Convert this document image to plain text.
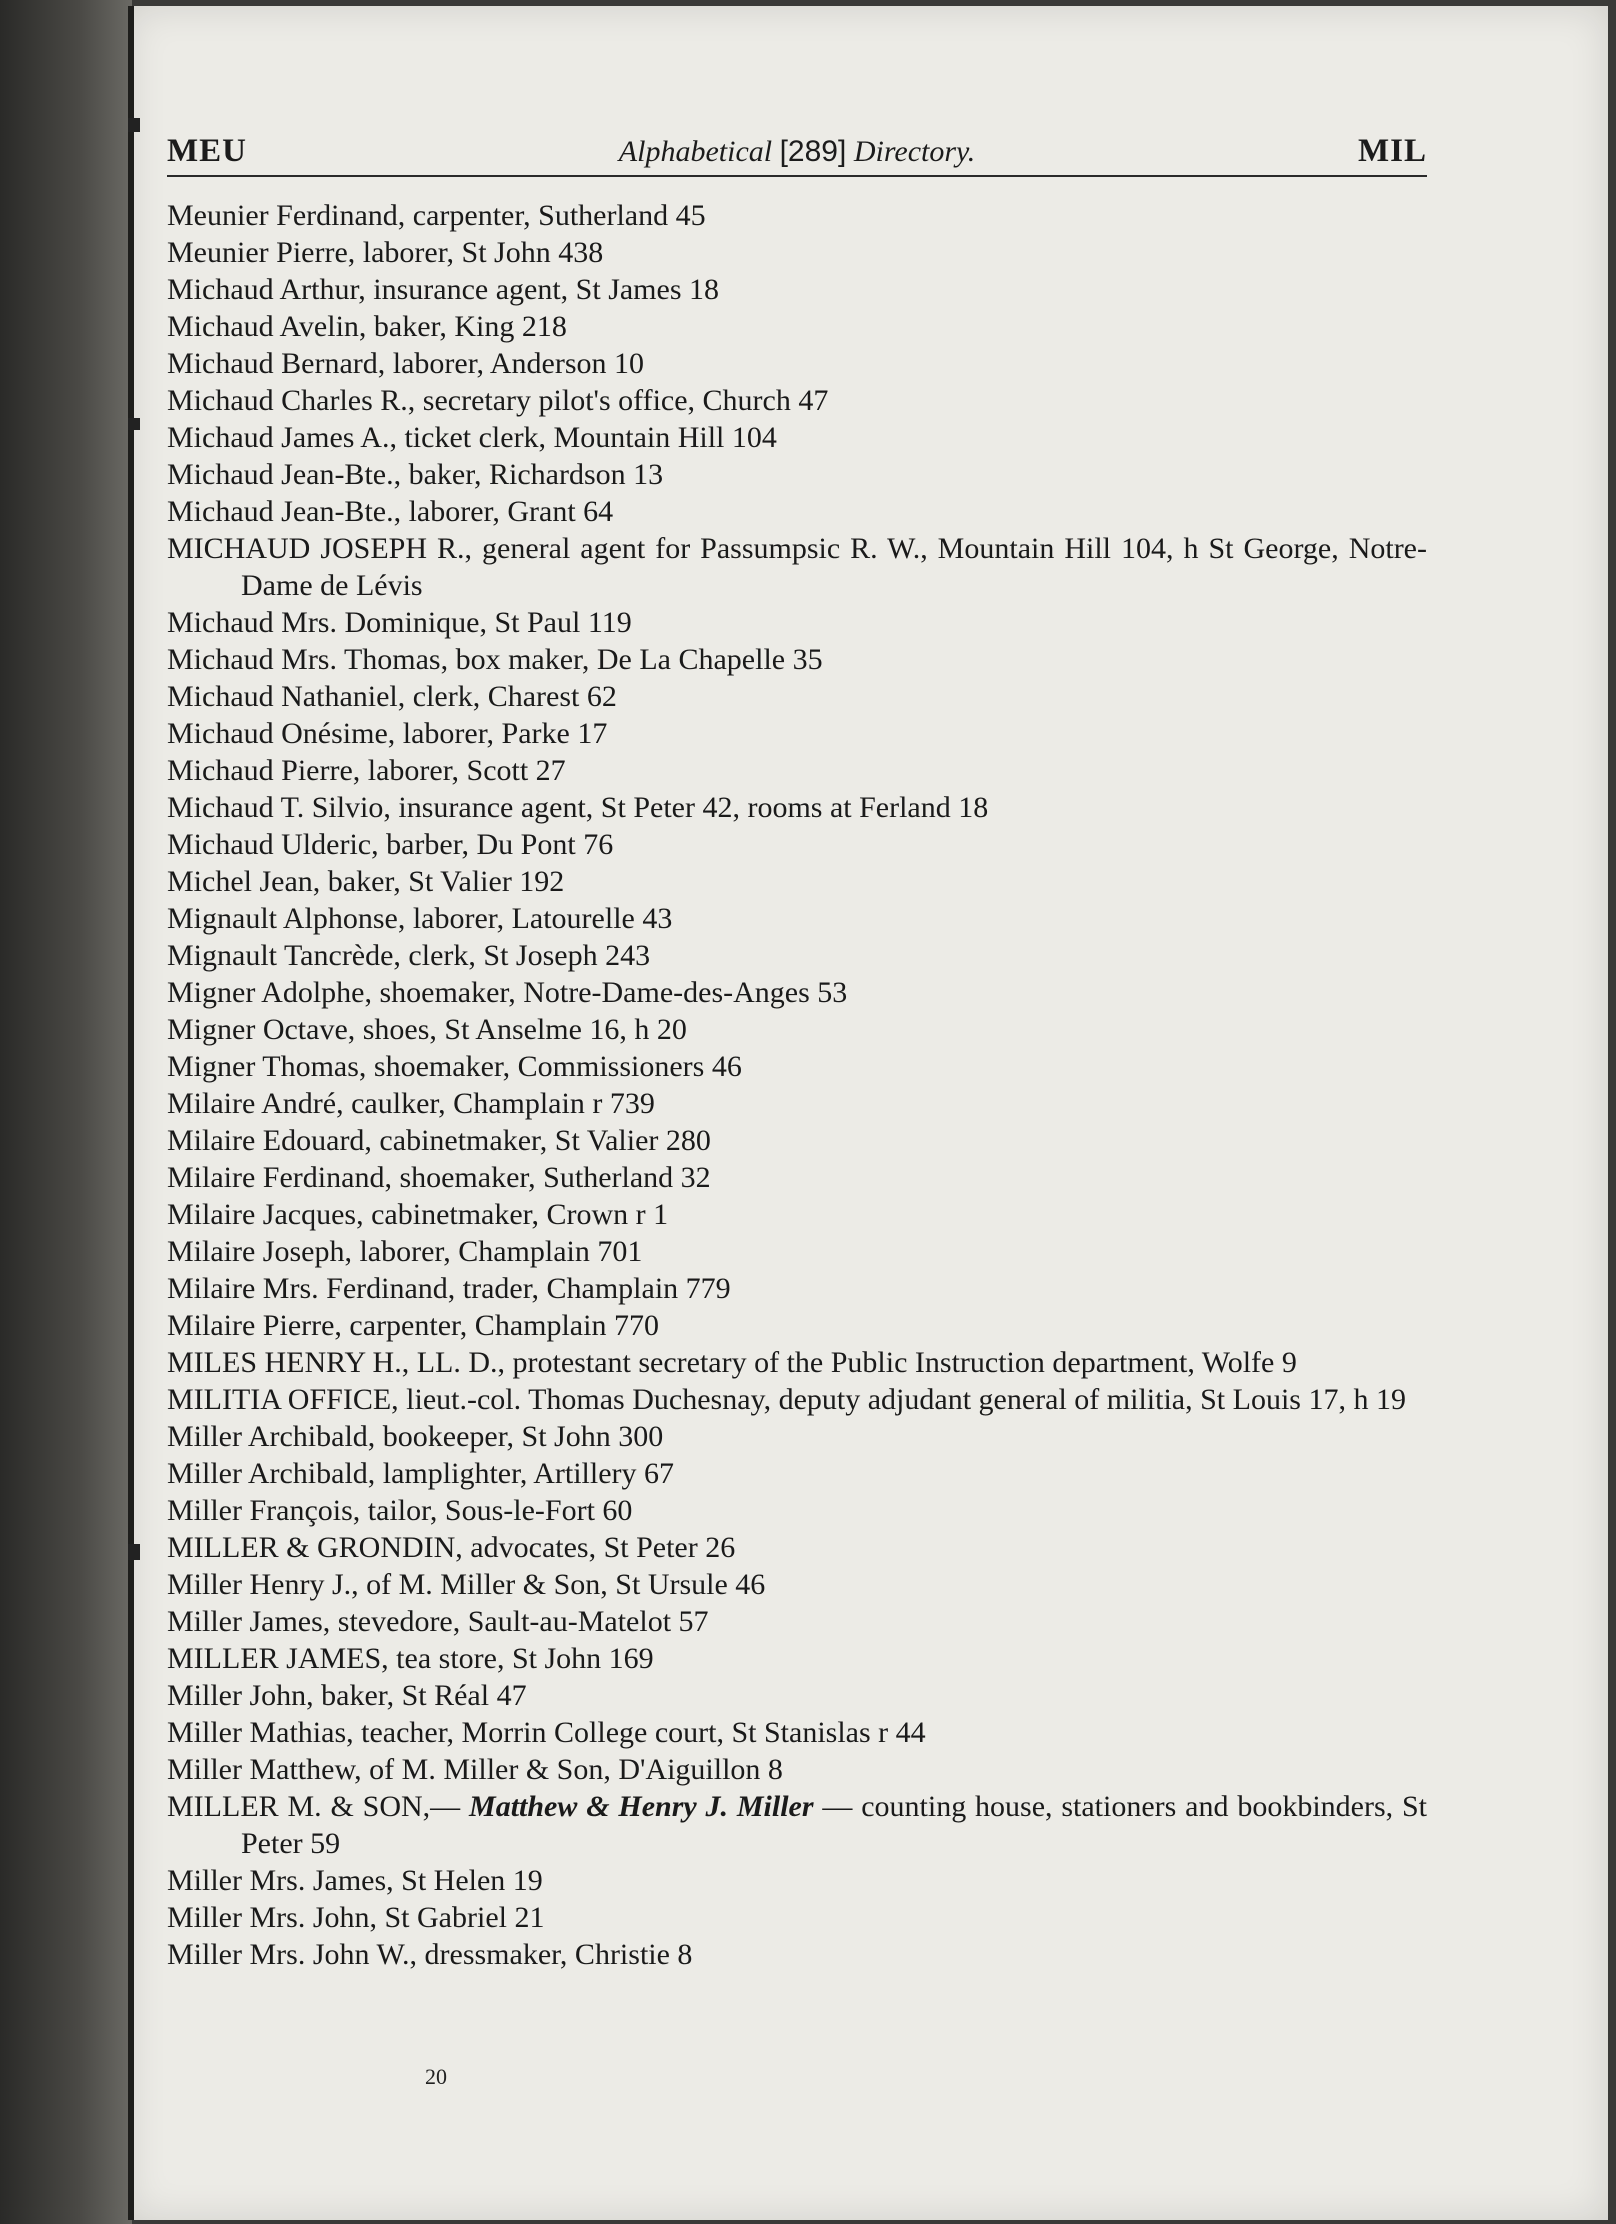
MEU	Alphabetical [289] Directory.	MIL

Meunier Ferdinand, carpenter, Sutherland 45

Meunier Pierre, laborer, St John 438

Michaud Arthur, insurance agent, St James 18

Michaud Avelin, baker, King 218

Michaud Bernard, laborer, Anderson 10

Michaud Charles R., secretary pilot's office, Church 47

Michaud James A., ticket clerk, Mountain Hill 104

Michaud Jean-Bte., baker, Richardson 13

Michaud Jean-Bte., laborer, Grant 64

MICHAUD JOSEPH R., general agent for Passumpsic R. W., Mountain Hill 104, h St George, Notre-Dame de Lévis

Michaud Mrs. Dominique, St Paul 119

Michaud Mrs. Thomas, box maker, De La Chapelle 35

Michaud Nathaniel, clerk, Charest 62

Michaud Onésime, laborer, Parke 17

Michaud Pierre, laborer, Scott 27

Michaud T. Silvio, insurance agent, St Peter 42, rooms at Ferland 18

Michaud Ulderic, barber, Du Pont 76

Michel Jean, baker, St Valier 192

Mignault Alphonse, laborer, Latourelle 43

Mignault Tancrède, clerk, St Joseph 243

Migner Adolphe, shoemaker, Notre-Dame-des-Anges 53

Migner Octave, shoes, St Anselme 16, h 20

Migner Thomas, shoemaker, Commissioners 46

Milaire André, caulker, Champlain r 739

Milaire Edouard, cabinetmaker, St Valier 280

Milaire Ferdinand, shoemaker, Sutherland 32

Milaire Jacques, cabinetmaker, Crown r 1

Milaire Joseph, laborer, Champlain 701

Milaire Mrs. Ferdinand, trader, Champlain 779

Milaire Pierre, carpenter, Champlain 770

MILES HENRY H., LL. D., protestant secretary of the Public Instruction department, Wolfe 9

MILITIA OFFICE, lieut.-col. Thomas Duchesnay, deputy adjudant general of militia, St Louis 17, h 19

Miller Archibald, bookeeper, St John 300

Miller Archibald, lamplighter, Artillery 67

Miller François, tailor, Sous-le-Fort 60

MILLER & GRONDIN, advocates, St Peter 26

Miller Henry J., of M. Miller & Son, St Ursule 46

Miller James, stevedore, Sault-au-Matelot 57

MILLER JAMES, tea store, St John 169

Miller John, baker, St Réal 47

Miller Mathias, teacher, Morrin College court, St Stanislas r 44

Miller Matthew, of M. Miller & Son, D'Aiguillon 8

MILLER M. & SON,— Matthew & Henry J. Miller — counting house, stationers and bookbinders, St Peter 59

Miller Mrs. James, St Helen 19

Miller Mrs. John, St Gabriel 21

Miller Mrs. John W., dressmaker, Christie 8

20
